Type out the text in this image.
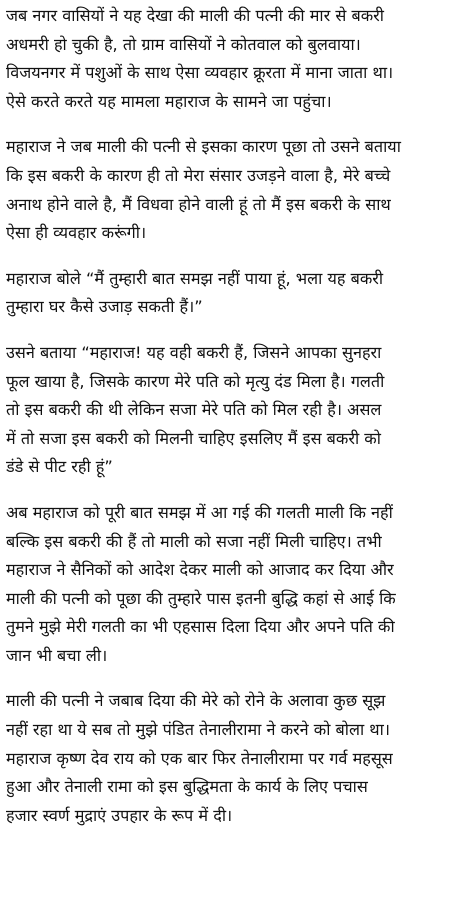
जब नगर वासियों ने यह देखा की माली की पत्नी की मार से बकरी
अधमरी हो चुकी है, तो ग्राम वासियों ने कोतवाल को बुलवाया।
विजयनगर में पशुओं के साथ ऐसा व्यवहार क्रूरता में माना जाता था।
ऐसे करते करते यह मामला महाराज के सामने जा पहुंचा।
महाराज ने जब माली की पत्नी से इसका कारण पूछा तो उसने बताया
कि इस बकरी के कारण ही तो मेरा संसार उजड़ने वाला है, मेरे बच्चे
अनाथ होने वाले है, मैं विधवा होने वाली हूं तो मैं इस बकरी के साथ
ऐसा ही व्यवहार करूंगी।
महाराज बोले “मैं तुम्हारी बात समझ नहीं पाया हूं, भला यह बकरी
तुम्हारा घर कैसे उजाड़ सकती हैं।”
उसने बताया “महाराज! यह वही बकरी हैं, जिसने आपका सुनहरा
फूल खाया है, जिसके कारण मेरे पति को मृत्यु दंड मिला है। गलती
तो इस बकरी की थी लेकिन सजा मेरे पति को मिल रही है। असल
में तो सजा इस बकरी को मिलनी चाहिए इसलिए मैं इस बकरी को
डंडे से पीट रही हूं”
अब महाराज को पूरी बात समझ में आ गई की गलती माली कि नहीं
बल्कि इस बकरी की हैं तो माली को सजा नहीं मिली चाहिए। तभी
महाराज ने सैनिकों को आदेश देकर माली को आजाद कर दिया और
माली की पत्नी को पूछा की तुम्हारे पास इतनी बुद्धि कहां से आई कि
तुमने मुझे मेरी गलती का भी एहसास दिला दिया और अपने पति की
जान भी बचा ली।
माली की पत्नी ने जबाब दिया की मेरे को रोने के अलावा कुछ सूझ
नहीं रहा था ये सब तो मुझे पंडित तेनालीरामा ने करने को बोला था।
महाराज कृष्ण देव राय को एक बार फिर तेनालीरामा पर गर्व महसूस
हुआ और तेनाली रामा को इस बुद्धिमता के कार्य के लिए पचास
हजार स्वर्ण मुद्राएं उपहार के रूप में दी।
